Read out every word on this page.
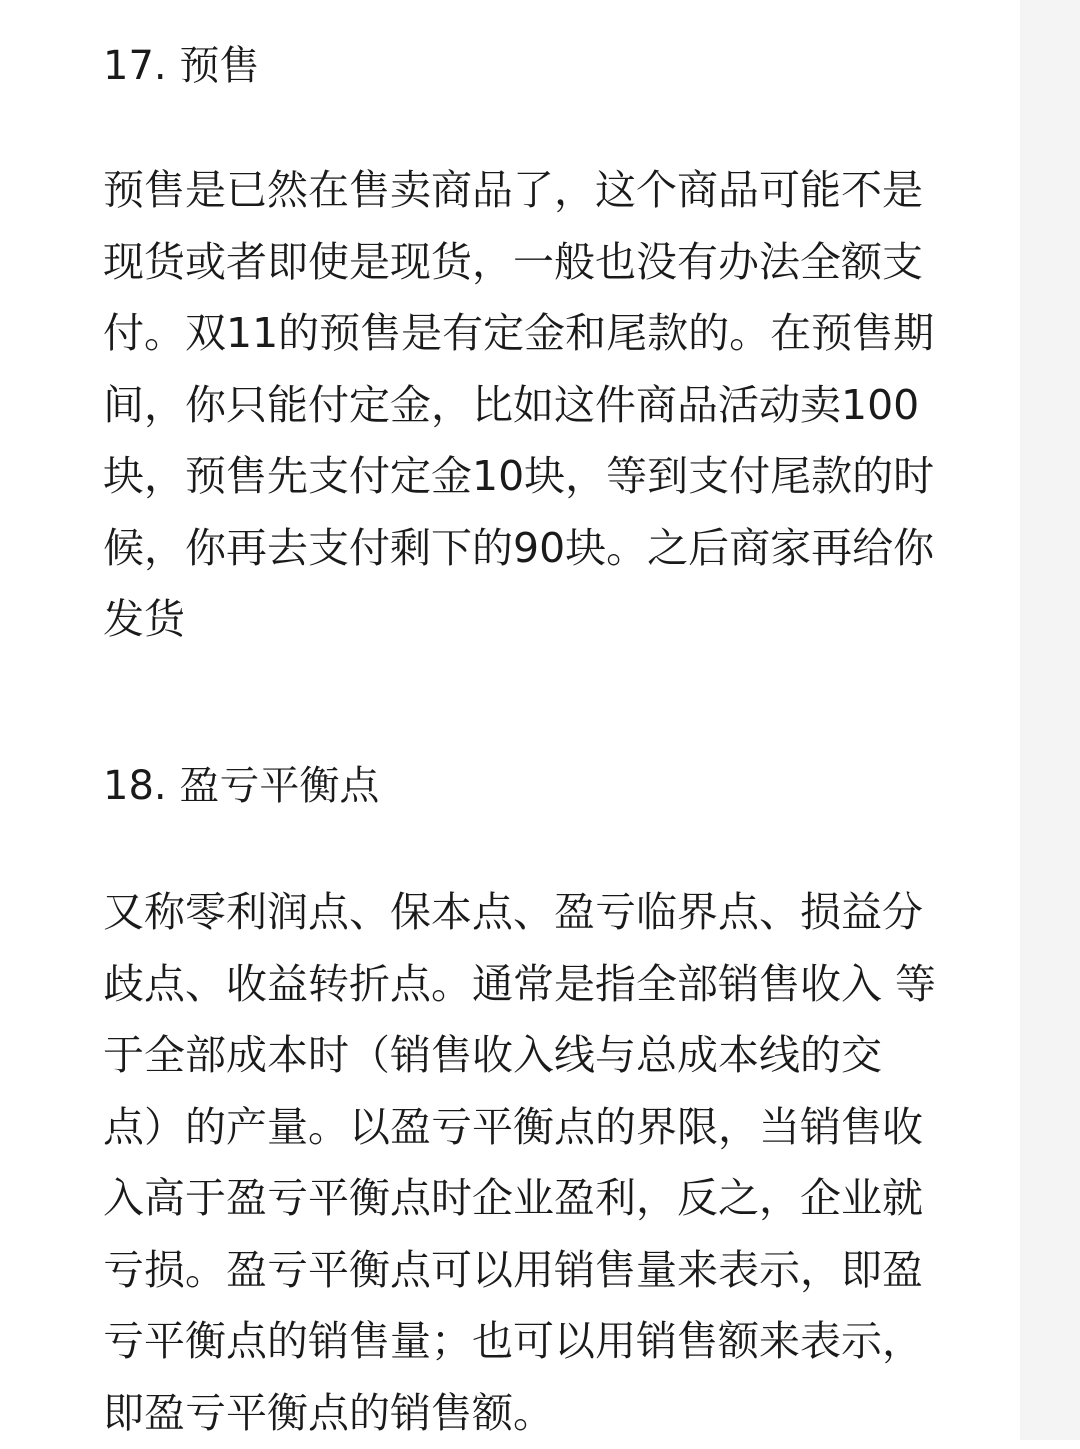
17. 预售
预售是已然在售卖商品了，这个商品可能不是
现货或者即使是现货，一般也没有办法全额支
付。双11的预售是有定金和尾款的。在预售期
间，你只能付定金，比如这件商品活动卖100
块，预售先支付定金10块，等到支付尾款的时
候，你再去支付剩下的90块。之后商家再给你
发货
18. 盈亏平衡点
又称零利润点、保本点、盈亏临界点、损益分
歧点、收益转折点。通常是指全部销售收入 等
于全部成本时（销售收入线与总成本线的交
点）的产量。以盈亏平衡点的界限，当销售收
入高于盈亏平衡点时企业盈利，反之，企业就
亏损。盈亏平衡点可以用销售量来表示，即盈
亏平衡点的销售量；也可以用销售额来表示，
即盈亏平衡点的销售额。
